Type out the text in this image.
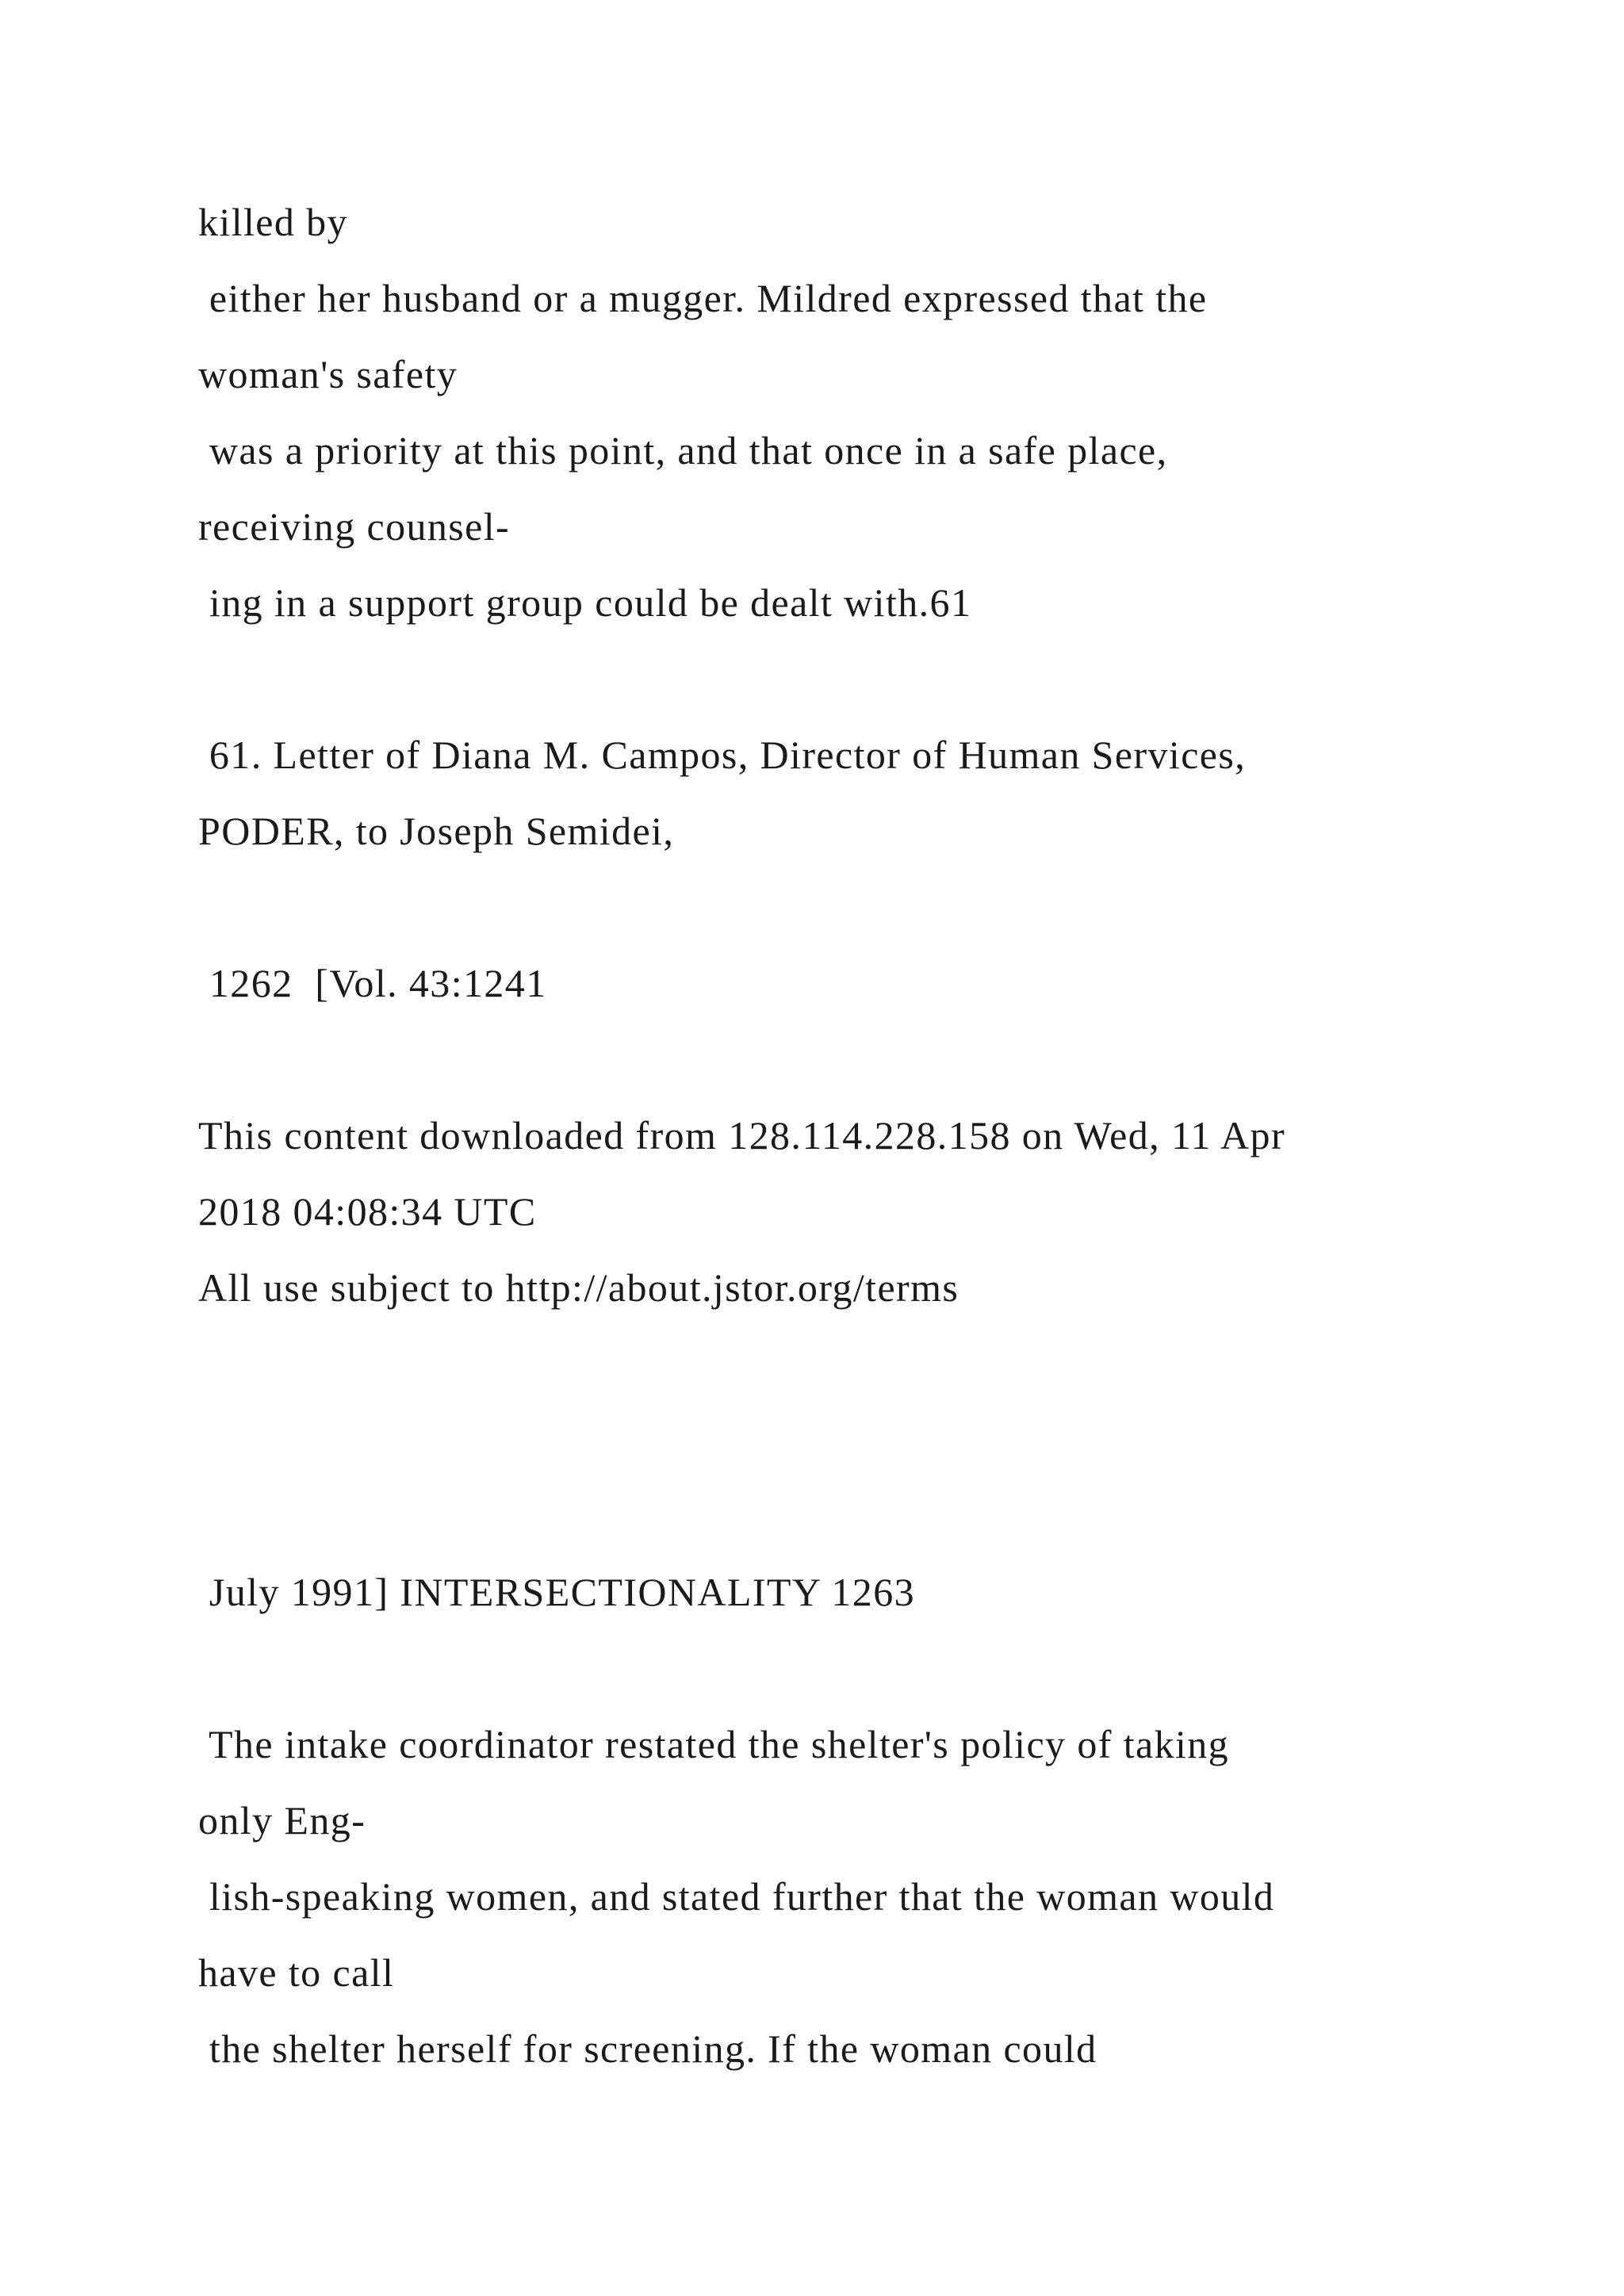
killed by
either her husband or a mugger. Mildred expressed that the
woman's safety
was a priority at this point, and that once in a safe place,
receiving counsel-
ing in a support group could be dealt with.61
61. Letter of Diana M. Campos, Director of Human Services,
PODER, to Joseph Semidei,
1262  [Vol. 43:1241
This content downloaded from 128.114.228.158 on Wed, 11 Apr
2018 04:08:34 UTC
All use subject to http://about.jstor.org/terms
July 1991] INTERSECTIONALITY 1263
The intake coordinator restated the shelter's policy of taking
only Eng-
lish-speaking women, and stated further that the woman would
have to call
the shelter herself for screening. If the woman could
